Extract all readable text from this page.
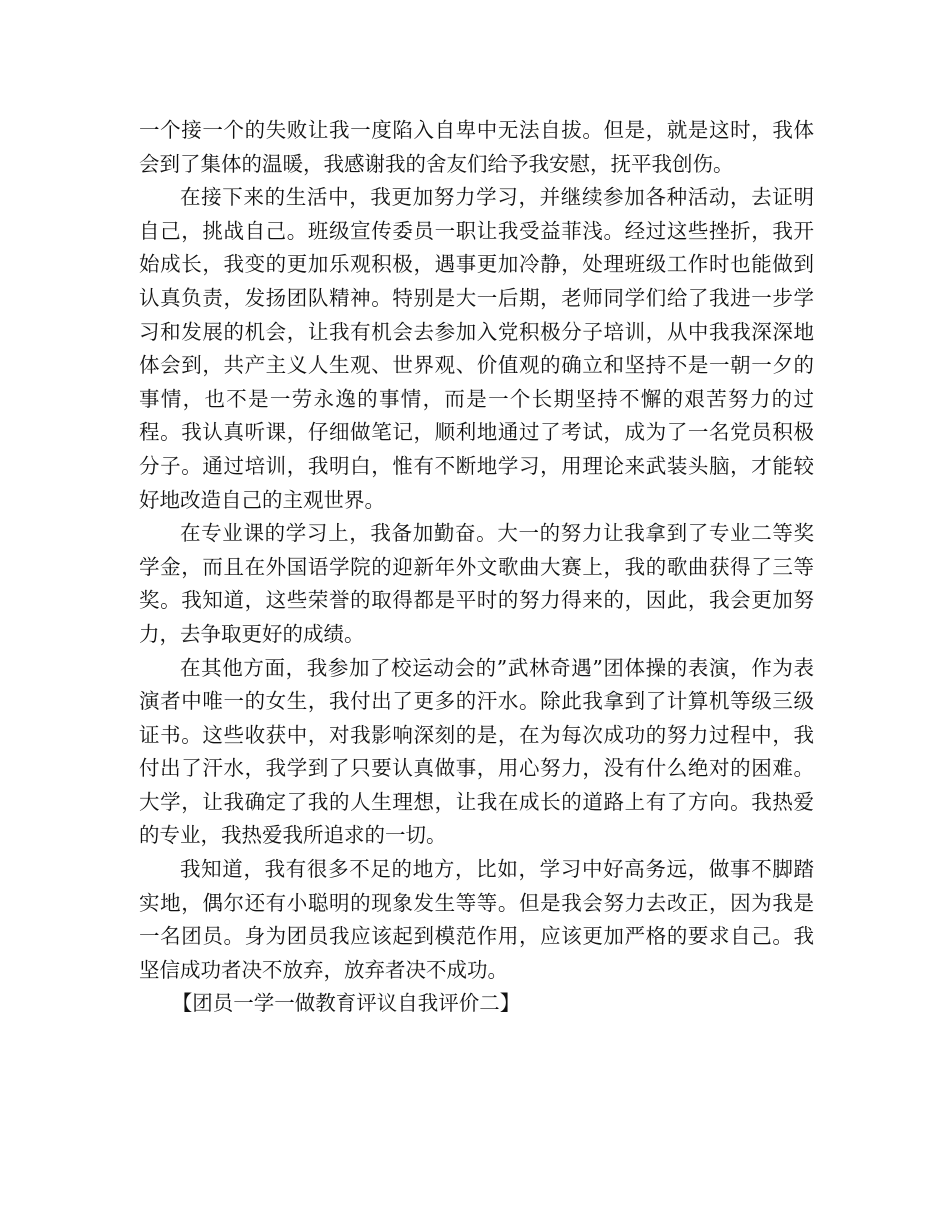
一个接一个的失败让我一度陷入自卑中无法自拔。但是，就是这时，我体会到了集体的温暖，我感谢我的舍友们给予我安慰，抚平我创伤。

在接下来的生活中，我更加努力学习，并继续参加各种活动，去证明自己，挑战自己。班级宣传委员一职让我受益菲浅。经过这些挫折，我开始成长，我变的更加乐观积极，遇事更加冷静，处理班级工作时也能做到认真负责，发扬团队精神。特别是大一后期，老师同学们给了我进一步学习和发展的机会，让我有机会去参加入党积极分子培训，从中我我深深地体会到，共产主义人生观、世界观、价值观的确立和坚持不是一朝一夕的事情，也不是一劳永逸的事情，而是一个长期坚持不懈的艰苦努力的过程。我认真听课，仔细做笔记，顺利地通过了考试，成为了一名党员积极分子。通过培训，我明白，惟有不断地学习，用理论来武装头脑，才能较好地改造自己的主观世界。

在专业课的学习上，我备加勤奋。大一的努力让我拿到了专业二等奖学金，而且在外国语学院的迎新年外文歌曲大赛上，我的歌曲获得了三等奖。我知道，这些荣誉的取得都是平时的努力得来的，因此，我会更加努力，去争取更好的成绩。

在其他方面，我参加了校运动会的”武林奇遇”团体操的表演，作为表演者中唯一的女生，我付出了更多的汗水。除此我拿到了计算机等级三级证书。这些收获中，对我影响深刻的是，在为每次成功的努力过程中，我付出了汗水，我学到了只要认真做事，用心努力，没有什么绝对的困难。大学，让我确定了我的人生理想，让我在成长的道路上有了方向。我热爱的专业，我热爱我所追求的一切。

我知道，我有很多不足的地方，比如，学习中好高务远，做事不脚踏实地，偶尔还有小聪明的现象发生等等。但是我会努力去改正，因为我是一名团员。身为团员我应该起到模范作用，应该更加严格的要求自己。我坚信成功者决不放弃，放弃者决不成功。

【团员一学一做教育评议自我评价二】
